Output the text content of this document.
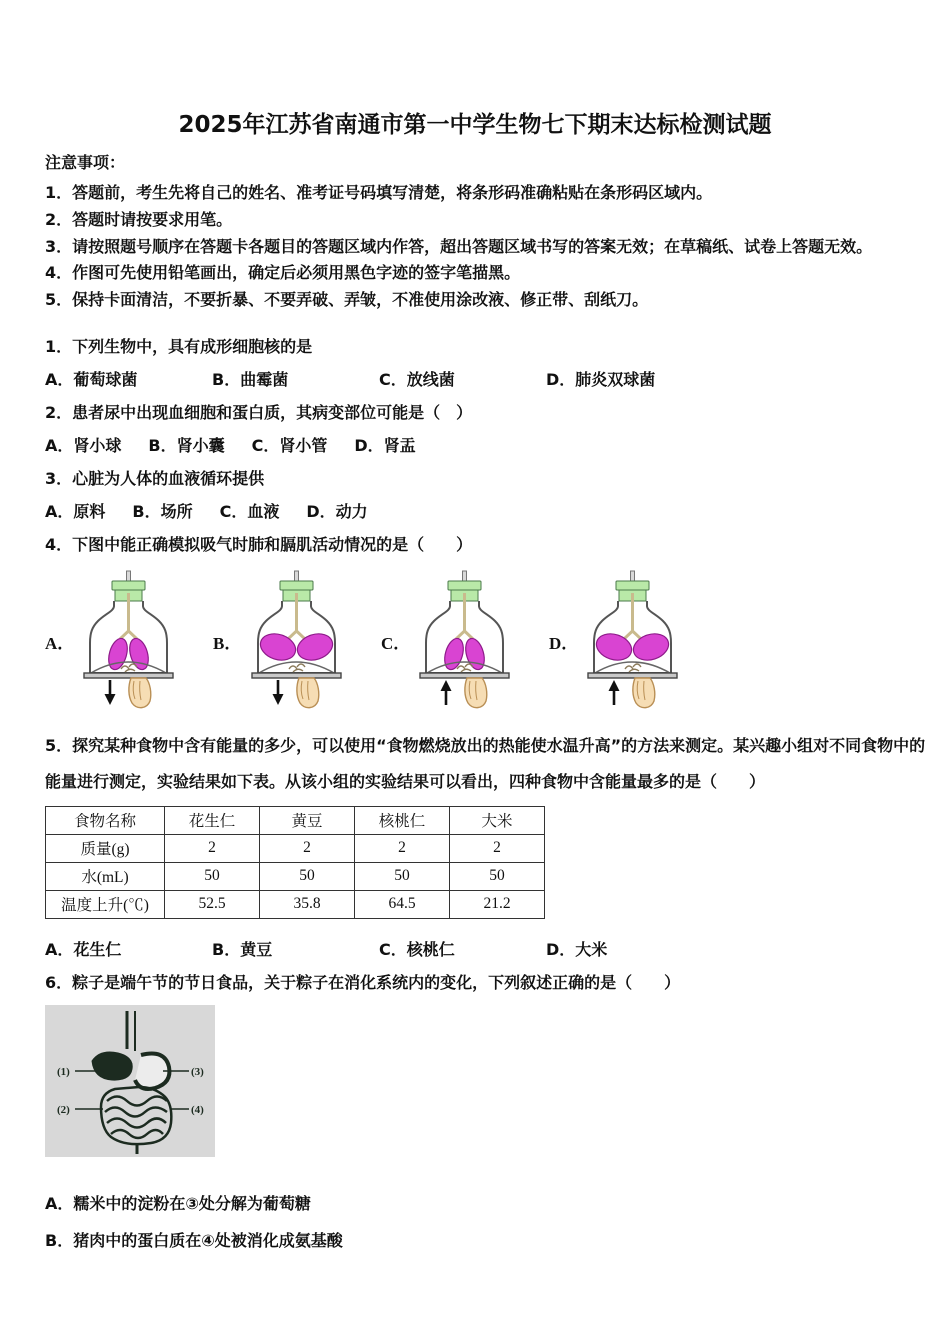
2025年江苏省南通市第一中学生物七下期末达标检测试题
注意事项：
1．答题前，考生先将自己的姓名、准考证号码填写清楚，将条形码准确粘贴在条形码区域内。
2．答题时请按要求用笔。
3．请按照题号顺序在答题卡各题目的答题区域内作答，超出答题区域书写的答案无效；在草稿纸、试卷上答题无效。
4．作图可先使用铅笔画出，确定后必须用黑色字迹的签字笔描黑。
5．保持卡面清洁，不要折暴、不要弄破、弄皱，不准使用涂改液、修正带、刮纸刀。
1．下列生物中，具有成形细胞核的是
A．葡萄球菌	B．曲霉菌	C．放线菌	D．肺炎双球菌
2．患者尿中出现血细胞和蛋白质，其病变部位可能是（　）
A．肾小球 B．肾小囊 C．肾小管 D．肾盂
3．心脏为人体的血液循环提供
A．原料 B．场所 C．血液 D．动力
4．下图中能正确模拟吸气时肺和膈肌活动情况的是（　　）
A．	B．	C．	D．
5．探究某种食物中含有能量的多少，可以使用“食物燃烧放出的热能使水温升高”的方法来测定。某兴趣小组对不同食物中的能量进行测定，实验结果如下表。从该小组的实验结果可以看出，四种食物中含能量最多的是（　　）
食物名称	花生仁	黄豆	核桃仁	大米
质量(g)	2	2	2	2
水(mL)	50	50	50	50
温度上升(℃)	52.5	35.8	64.5	21.2
A．花生仁	B．黄豆	C．核桃仁	D．大米
6．粽子是端午节的节日食品，关于粽子在消化系统内的变化，下列叙述正确的是（　　）
(1)
(2)
(3)
(4)
A．糯米中的淀粉在③处分解为葡萄糖
B．猪肉中的蛋白质在④处被消化成氨基酸
